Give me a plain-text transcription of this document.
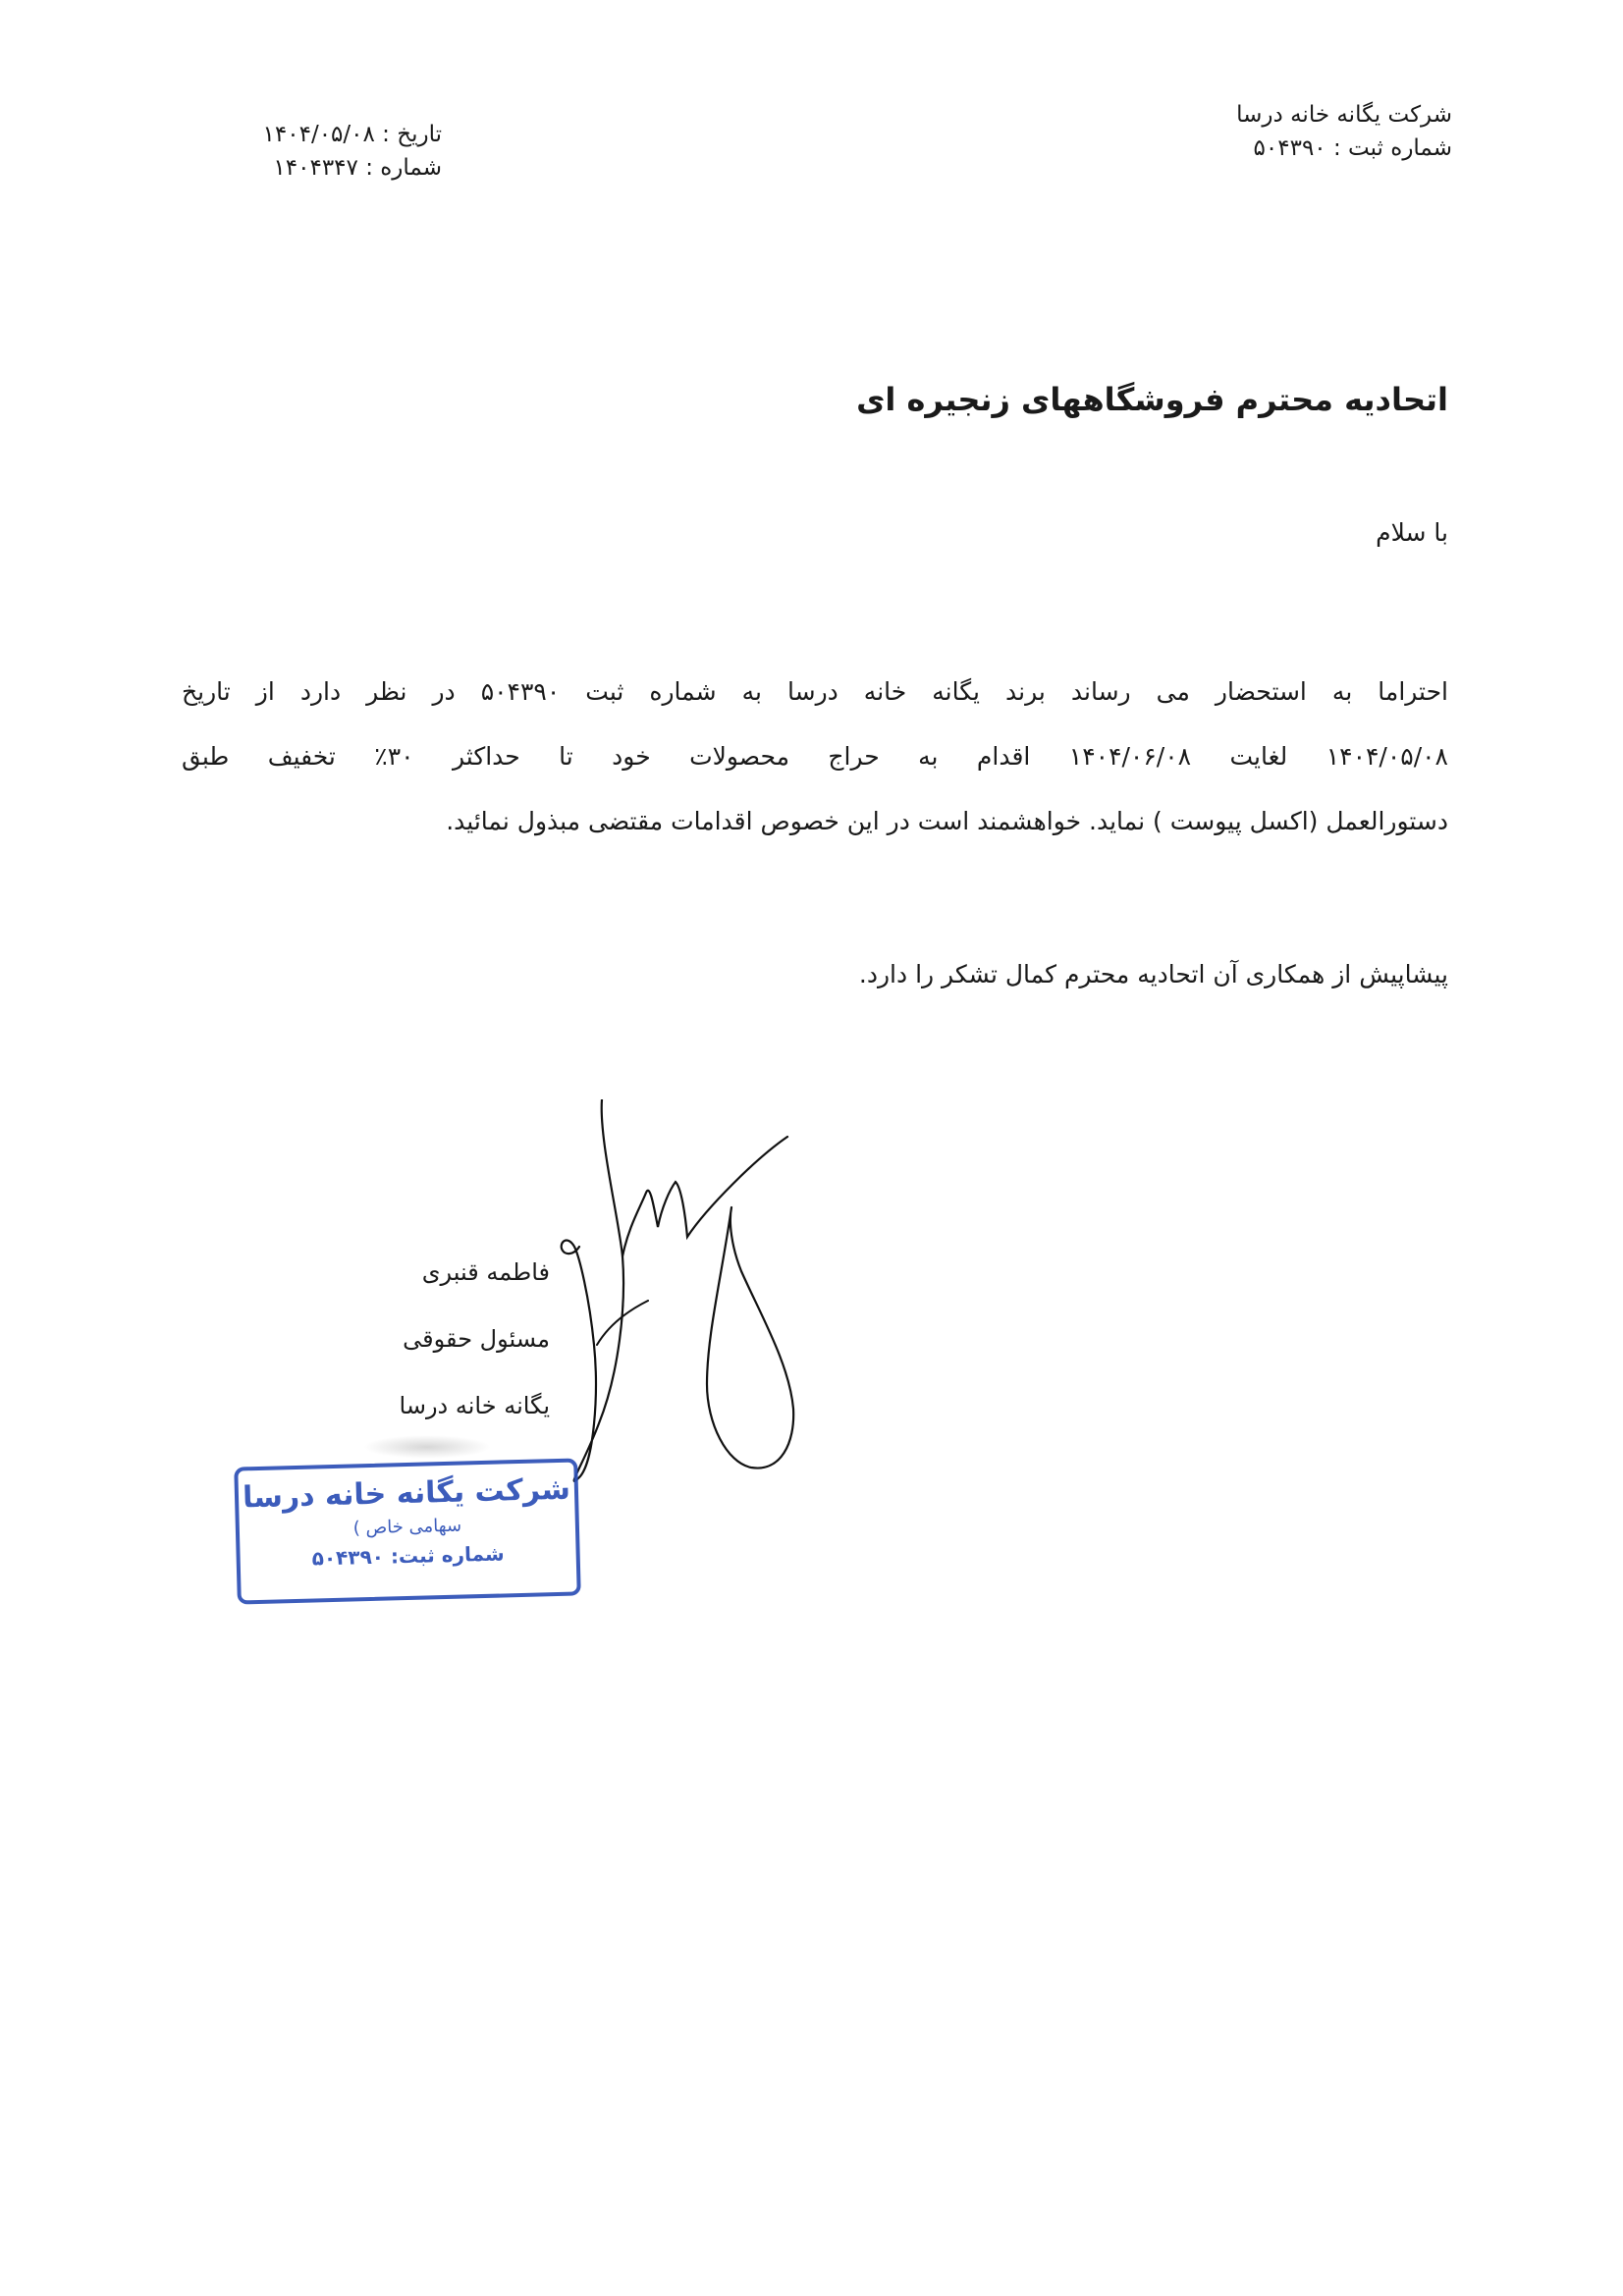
شرکت یگانه خانه درسا
شماره ثبت : ۵۰۴۳۹۰
تاریخ : ۱۴۰۴/۰۵/۰۸
شماره : ۱۴۰۴۳۴۷
اتحادیه محترم فروشگاههای زنجیره ای
با سلام
احتراما به استحضار می رساند برند یگانه خانه درسا به شماره ثبت ۵۰۴۳۹۰ در نظر دارد از تاریخ
۱۴۰۴/۰۵/۰۸ لغایت ۱۴۰۴/۰۶/۰۸ اقدام به حراج محصولات خود تا حداکثر ۳۰٪ تخفیف طبق
دستورالعمل (اکسل پیوست ) نماید. خواهشمند است در این خصوص اقدامات مقتضی مبذول نمائید.
پیشاپیش از همکاری آن اتحادیه محترم کمال تشکر را دارد.
فاطمه قنبری
مسئول حقوقی
یگانه خانه درسا
شرکت یگانه خانه درسا
سهامی خاص )
شماره ثبت: ۵۰۴۳۹۰
